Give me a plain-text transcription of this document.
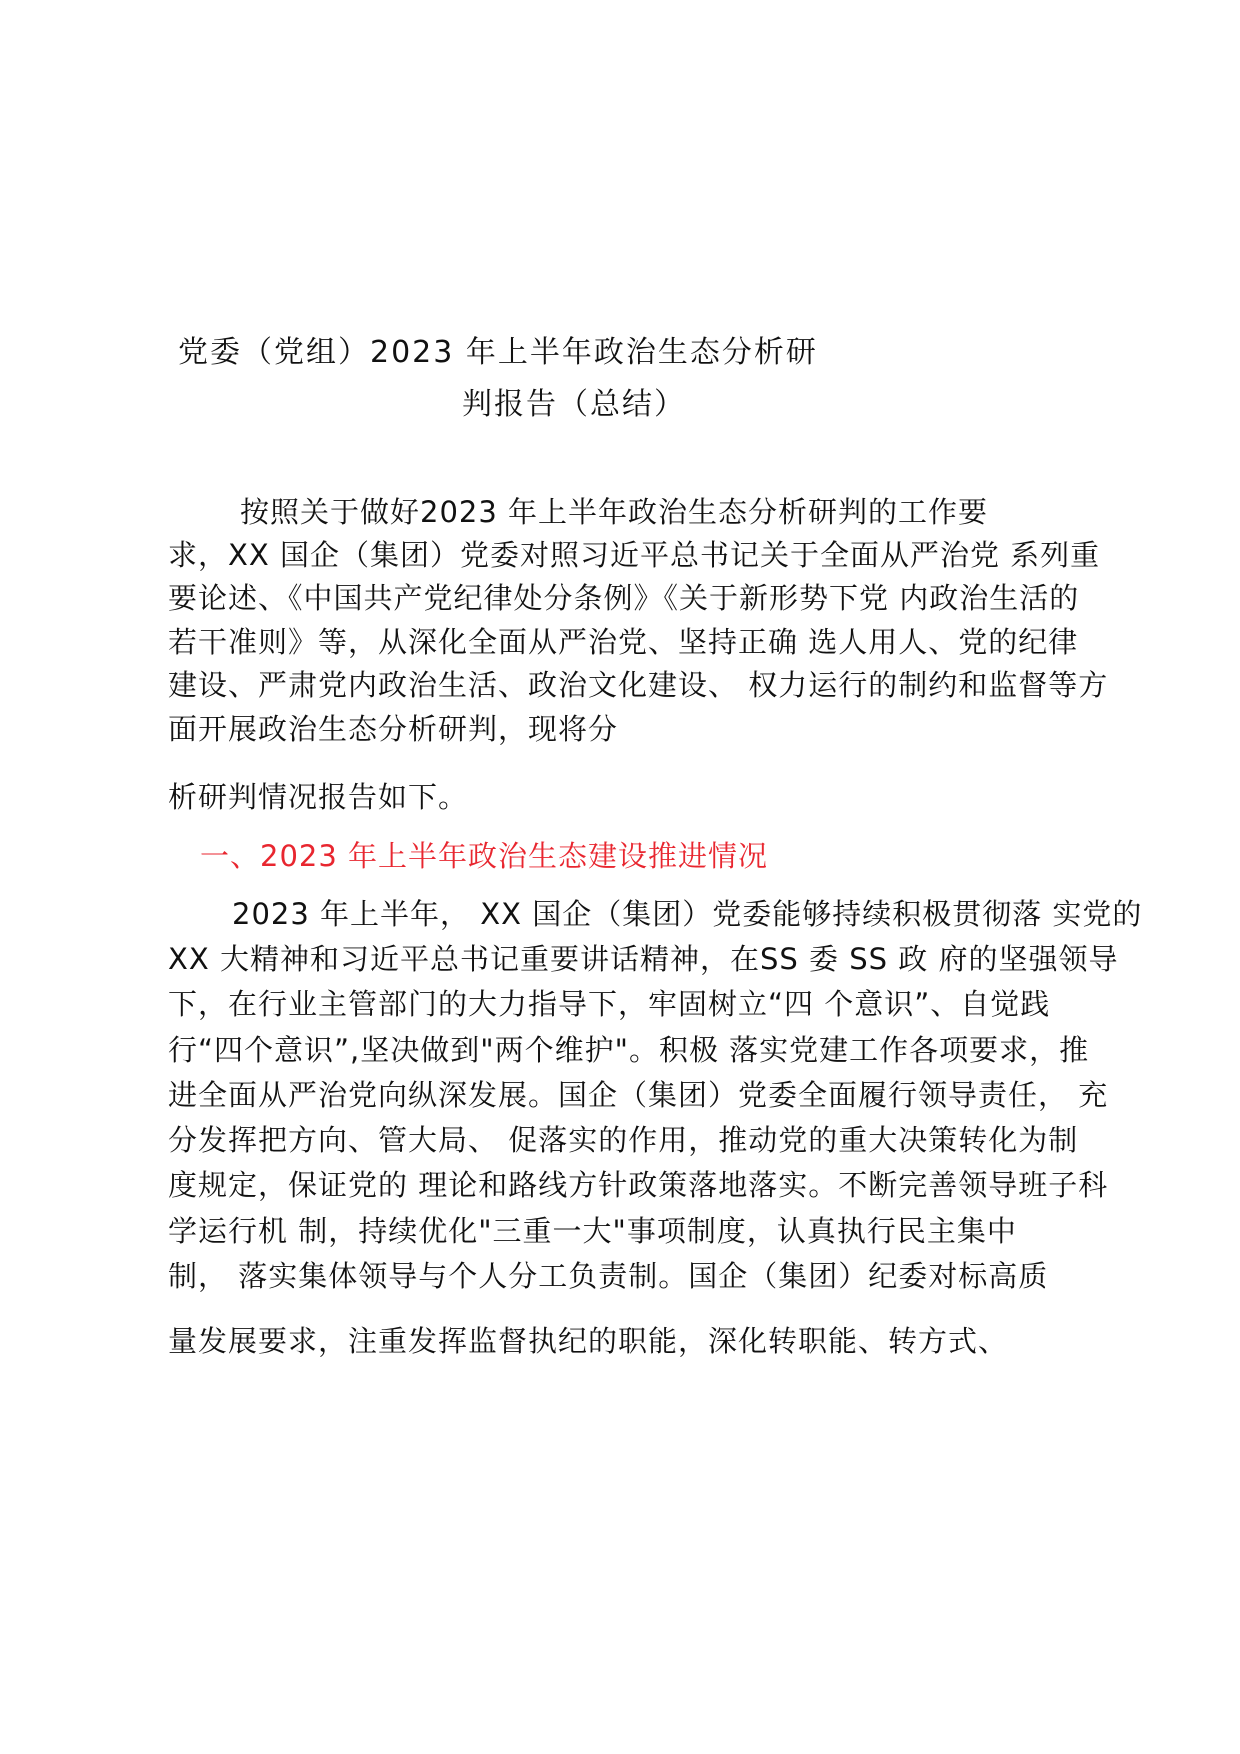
党委（党组）2023 年上半年政治生态分析研
判报告（总结）
按照关于做好2023 年上半年政治生态分析研判的工作要
求，XX 国企（集团）党委对照习近平总书记关于全面从严治党 系列重
要论述、《中国共产党纪律处分条例》《关于新形势下党 内政治生活的
若干准则》等，从深化全面从严治党、坚持正确 选人用人、党的纪律
建设、严肃党内政治生活、政治文化建设、 权力运行的制约和监督等方
面开展政治生态分析研判，现将分
析研判情况报告如下。
一、2023 年上半年政治生态建设推进情况
2023 年上半年， XX 国企（集团）党委能够持续积极贯彻落 实党的
XX 大精神和习近平总书记重要讲话精神，在SS 委 SS 政 府的坚强领导
下，在行业主管部门的大力指导下，牢固树立“四 个意识”、自觉践
行“四个意识”,坚决做到"两个维护"。积极 落实党建工作各项要求，推
进全面从严治党向纵深发展。国企（集团）党委全面履行领导责任， 充
分发挥把方向、管大局、 促落实的作用，推动党的重大决策转化为制
度规定，保证党的 理论和路线方针政策落地落实。不断完善领导班子科
学运行机 制，持续优化"三重一大"事项制度，认真执行民主集中
制， 落实集体领导与个人分工负责制。国企（集团）纪委对标高质
量发展要求，注重发挥监督执纪的职能，深化转职能、转方式、
